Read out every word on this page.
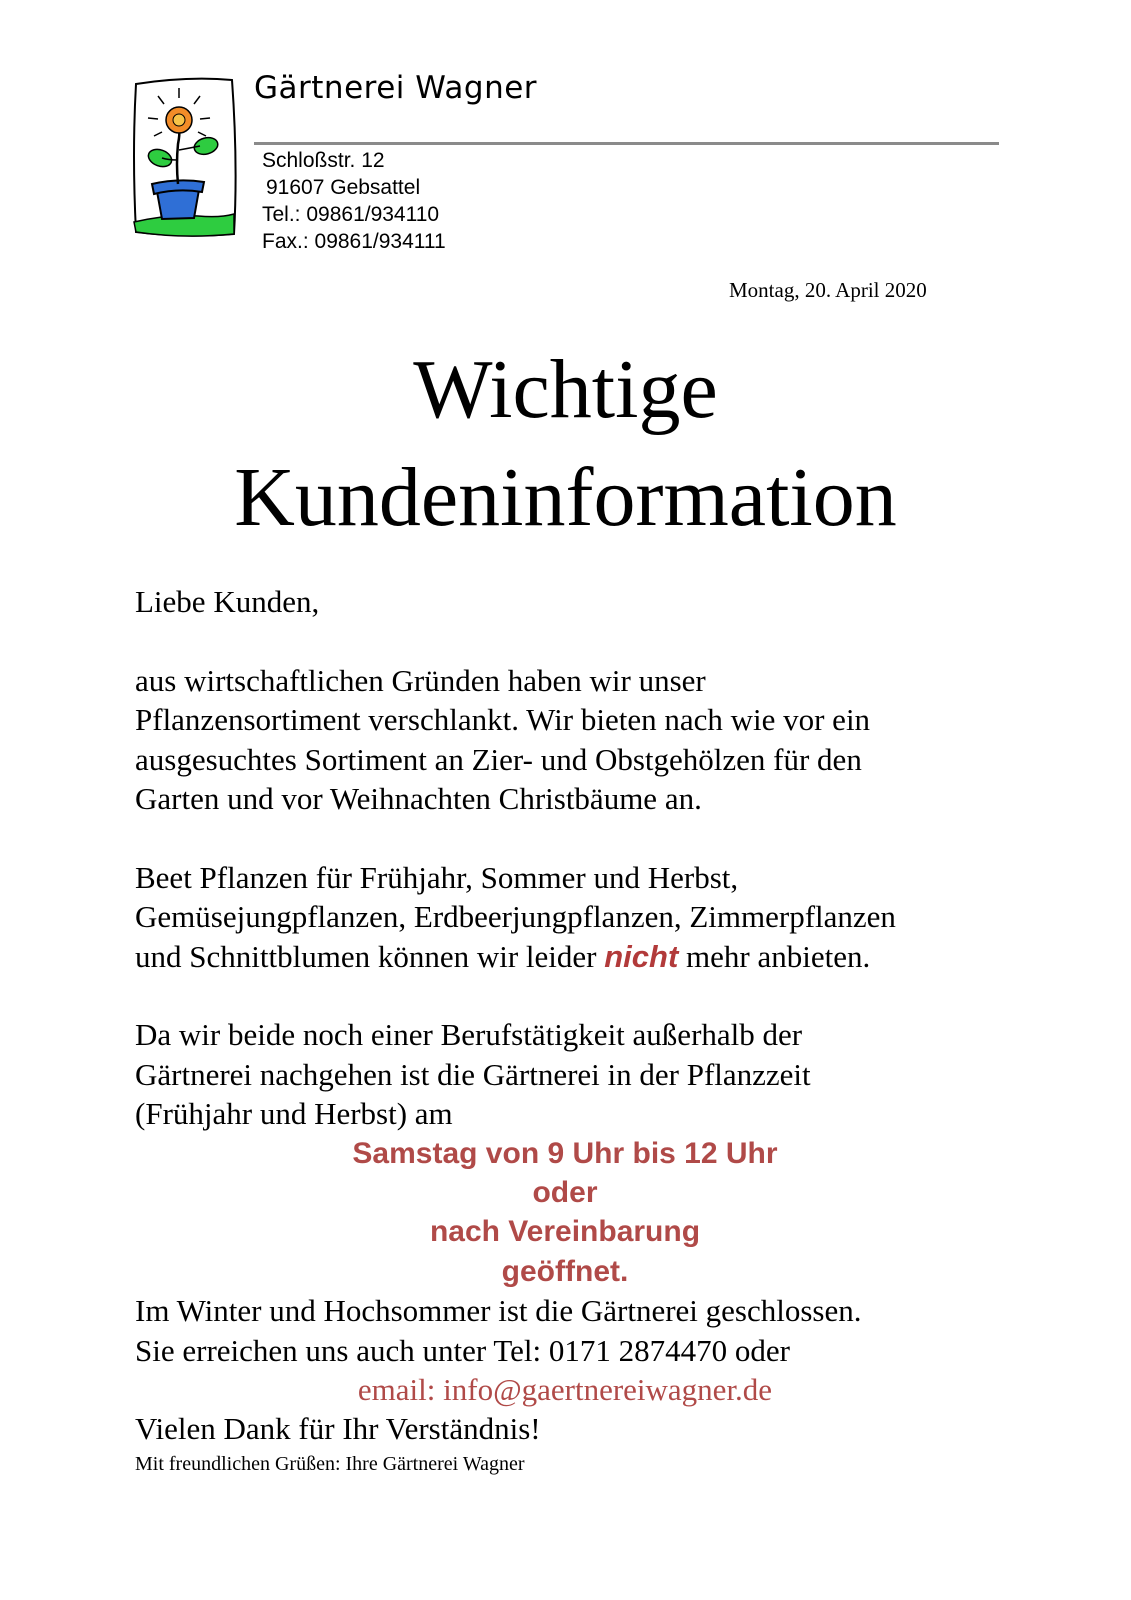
Gärtnerei Wagner
Schloßstr. 12
91607 Gebsattel
Tel.: 09861/934110
Fax.: 09861/934111
Montag, 20. April 2020
Wichtige
Kundeninformation

Liebe Kunden,

aus wirtschaftlichen Gründen haben wir unser
Pflanzensortiment verschlankt. Wir bieten nach wie vor ein
ausgesuchtes Sortiment an Zier- und Obstgehölzen für den
Garten und vor Weihnachten Christbäume an.
Beet Pflanzen für Frühjahr, Sommer und Herbst,
Gemüsejungpflanzen, Erdbeerjungpflanzen, Zimmerpflanzen
und Schnittblumen können wir leider nicht mehr anbieten.
Da wir beide noch einer Berufstätigkeit außerhalb der
Gärtnerei nachgehen ist die Gärtnerei in der Pflanzzeit
(Frühjahr und Herbst) am
Samstag von 9 Uhr bis 12 Uhr
oder
nach Vereinbarung
geöffnet.
Im Winter und Hochsommer ist die Gärtnerei geschlossen.
Sie erreichen uns auch unter Tel: 0171 2874470 oder
email: info@gaertnereiwagner.de
Vielen Dank für Ihr Verständnis!
Mit freundlichen Grüßen: Ihre Gärtnerei Wagner
